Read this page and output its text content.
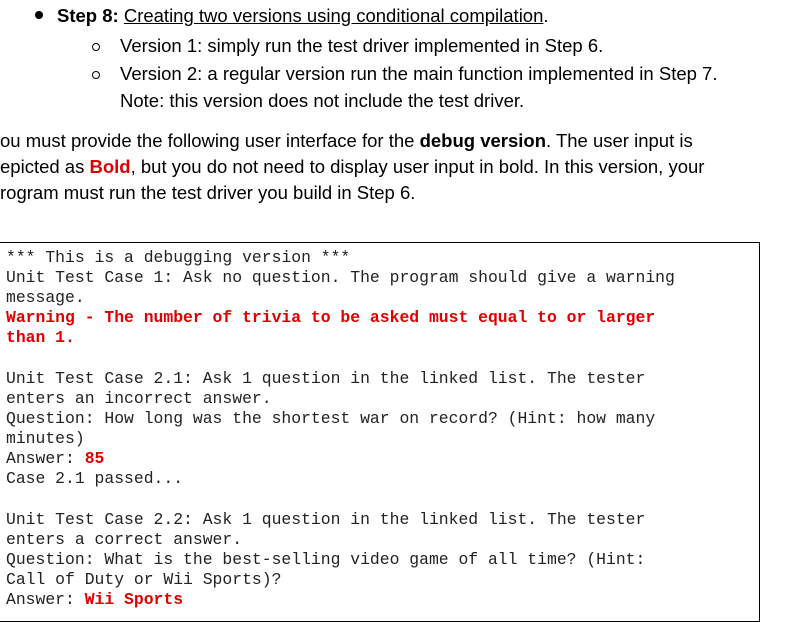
Step 8: Creating two versions using conditional compilation.
Version 1: simply run the test driver implemented in Step 6.
Version 2: a regular version run the main function implemented in Step 7.
Note: this version does not include the test driver.
ou must provide the following user interface for the debug version. The user input is
epicted as Bold, but you do not need to display user input in bold. In this version, your
rogram must run the test driver you build in Step 6.
*** This is a debugging version ***
Unit Test Case 1: Ask no question. The program should give a warning
message.
Warning - The number of trivia to be asked must equal to or larger
than 1.
Unit Test Case 2.1: Ask 1 question in the linked list. The tester
enters an incorrect answer.
Question: How long was the shortest war on record? (Hint: how many
minutes)
Answer: 85
Case 2.1 passed...
Unit Test Case 2.2: Ask 1 question in the linked list. The tester
enters a correct answer.
Question: What is the best-selling video game of all time? (Hint:
Call of Duty or Wii Sports)?
Answer: Wii Sports
